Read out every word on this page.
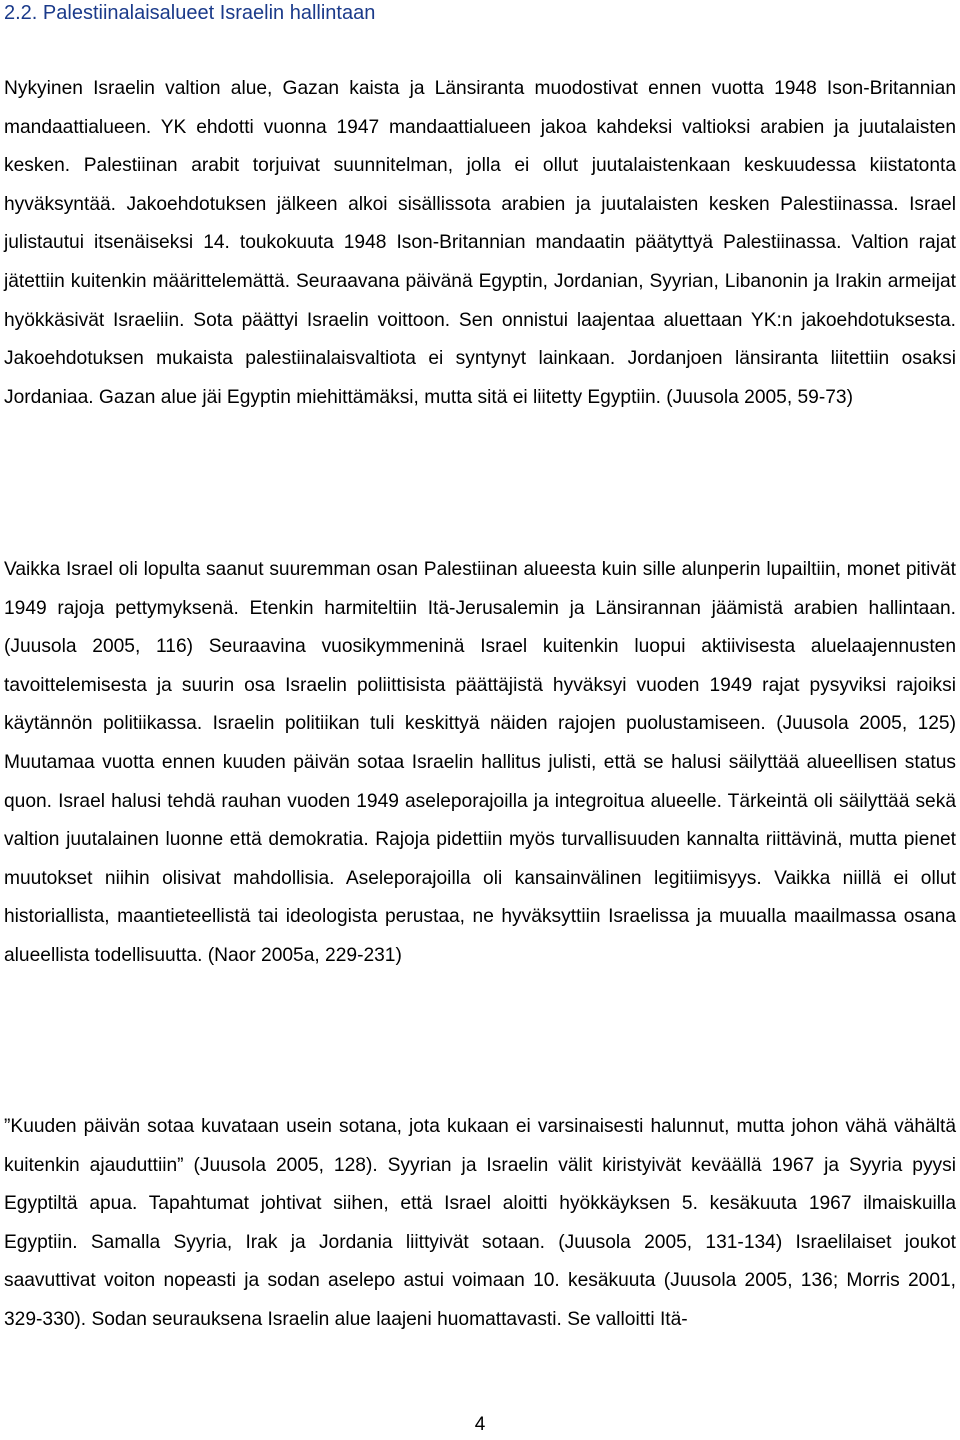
2.2. Palestiinalaisalueet Israelin hallintaan

Nykyinen Israelin valtion alue, Gazan kaista ja Länsiranta muodostivat ennen vuotta 1948 Ison-Britannian mandaattialueen. YK ehdotti vuonna 1947 mandaattialueen jakoa kahdeksi valtioksi arabien ja juutalaisten kesken. Palestiinan arabit torjuivat suunnitelman, jolla ei ollut juutalaistenkaan keskuudessa kiistatonta hyväksyntää. Jakoehdotuksen jälkeen alkoi sisällissota arabien ja juutalaisten kesken Palestiinassa. Israel julistautui itsenäiseksi 14. toukokuuta 1948 Ison-Britannian mandaatin päätyttyä Palestiinassa. Valtion rajat jätettiin kuitenkin määrittelemättä. Seuraavana päivänä Egyptin, Jordanian, Syyrian, Libanonin ja Irakin armeijat hyökkäsivät Israeliin. Sota päättyi Israelin voittoon. Sen onnistui laajentaa aluettaan YK:n jakoehdotuksesta. Jakoehdotuksen mukaista palestiinalaisvaltiota ei syntynyt lainkaan. Jordanjoen länsiranta liitettiin osaksi Jordaniaa. Gazan alue jäi Egyptin miehittämäksi, mutta sitä ei liitetty Egyptiin. (Juusola 2005, 59-73)

Vaikka Israel oli lopulta saanut suuremman osan Palestiinan alueesta kuin sille alunperin lupailtiin, monet pitivät 1949 rajoja pettymyksenä. Etenkin harmiteltiin Itä-Jerusalemin ja Länsirannan jäämistä arabien hallintaan. (Juusola 2005, 116) Seuraavina vuosikymmeninä Israel kuitenkin luopui aktiivisesta aluelaajennusten tavoittelemisesta ja suurin osa Israelin poliittisista päättäjistä hyväksyi vuoden 1949 rajat pysyviksi rajoiksi käytännön politiikassa. Israelin politiikan tuli keskittyä näiden rajojen puolustamiseen. (Juusola 2005, 125) Muutamaa vuotta ennen kuuden päivän sotaa Israelin hallitus julisti, että se halusi säilyttää alueellisen status quon. Israel halusi tehdä rauhan vuoden 1949 aseleporajoilla ja integroitua alueelle. Tärkeintä oli säilyttää sekä valtion juutalainen luonne että demokratia. Rajoja pidettiin myös turvallisuuden kannalta riittävinä, mutta pienet muutokset niihin olisivat mahdollisia. Aseleporajoilla oli kansainvälinen legitiimisyys. Vaikka niillä ei ollut historiallista, maantieteellistä tai ideologista perustaa, ne hyväksyttiin Israelissa ja muualla maailmassa osana alueellista todellisuutta. (Naor 2005a, 229-231)

”Kuuden päivän sotaa kuvataan usein sotana, jota kukaan ei varsinaisesti halunnut, mutta johon vähä vähältä kuitenkin ajauduttiin” (Juusola 2005, 128). Syyrian ja Israelin välit kiristyivät keväällä 1967 ja Syyria pyysi Egyptiltä apua. Tapahtumat johtivat siihen, että Israel aloitti hyökkäyksen 5. kesäkuuta 1967 ilmaiskuilla Egyptiin. Samalla Syyria, Irak ja Jordania liittyivät sotaan. (Juusola 2005, 131-134) Israelilaiset joukot saavuttivat voiton nopeasti ja sodan aselepo astui voimaan 10. kesäkuuta (Juusola 2005, 136; Morris 2001, 329-330). Sodan seurauksena Israelin alue laajeni huomattavasti. Se valloitti Itä-

4
